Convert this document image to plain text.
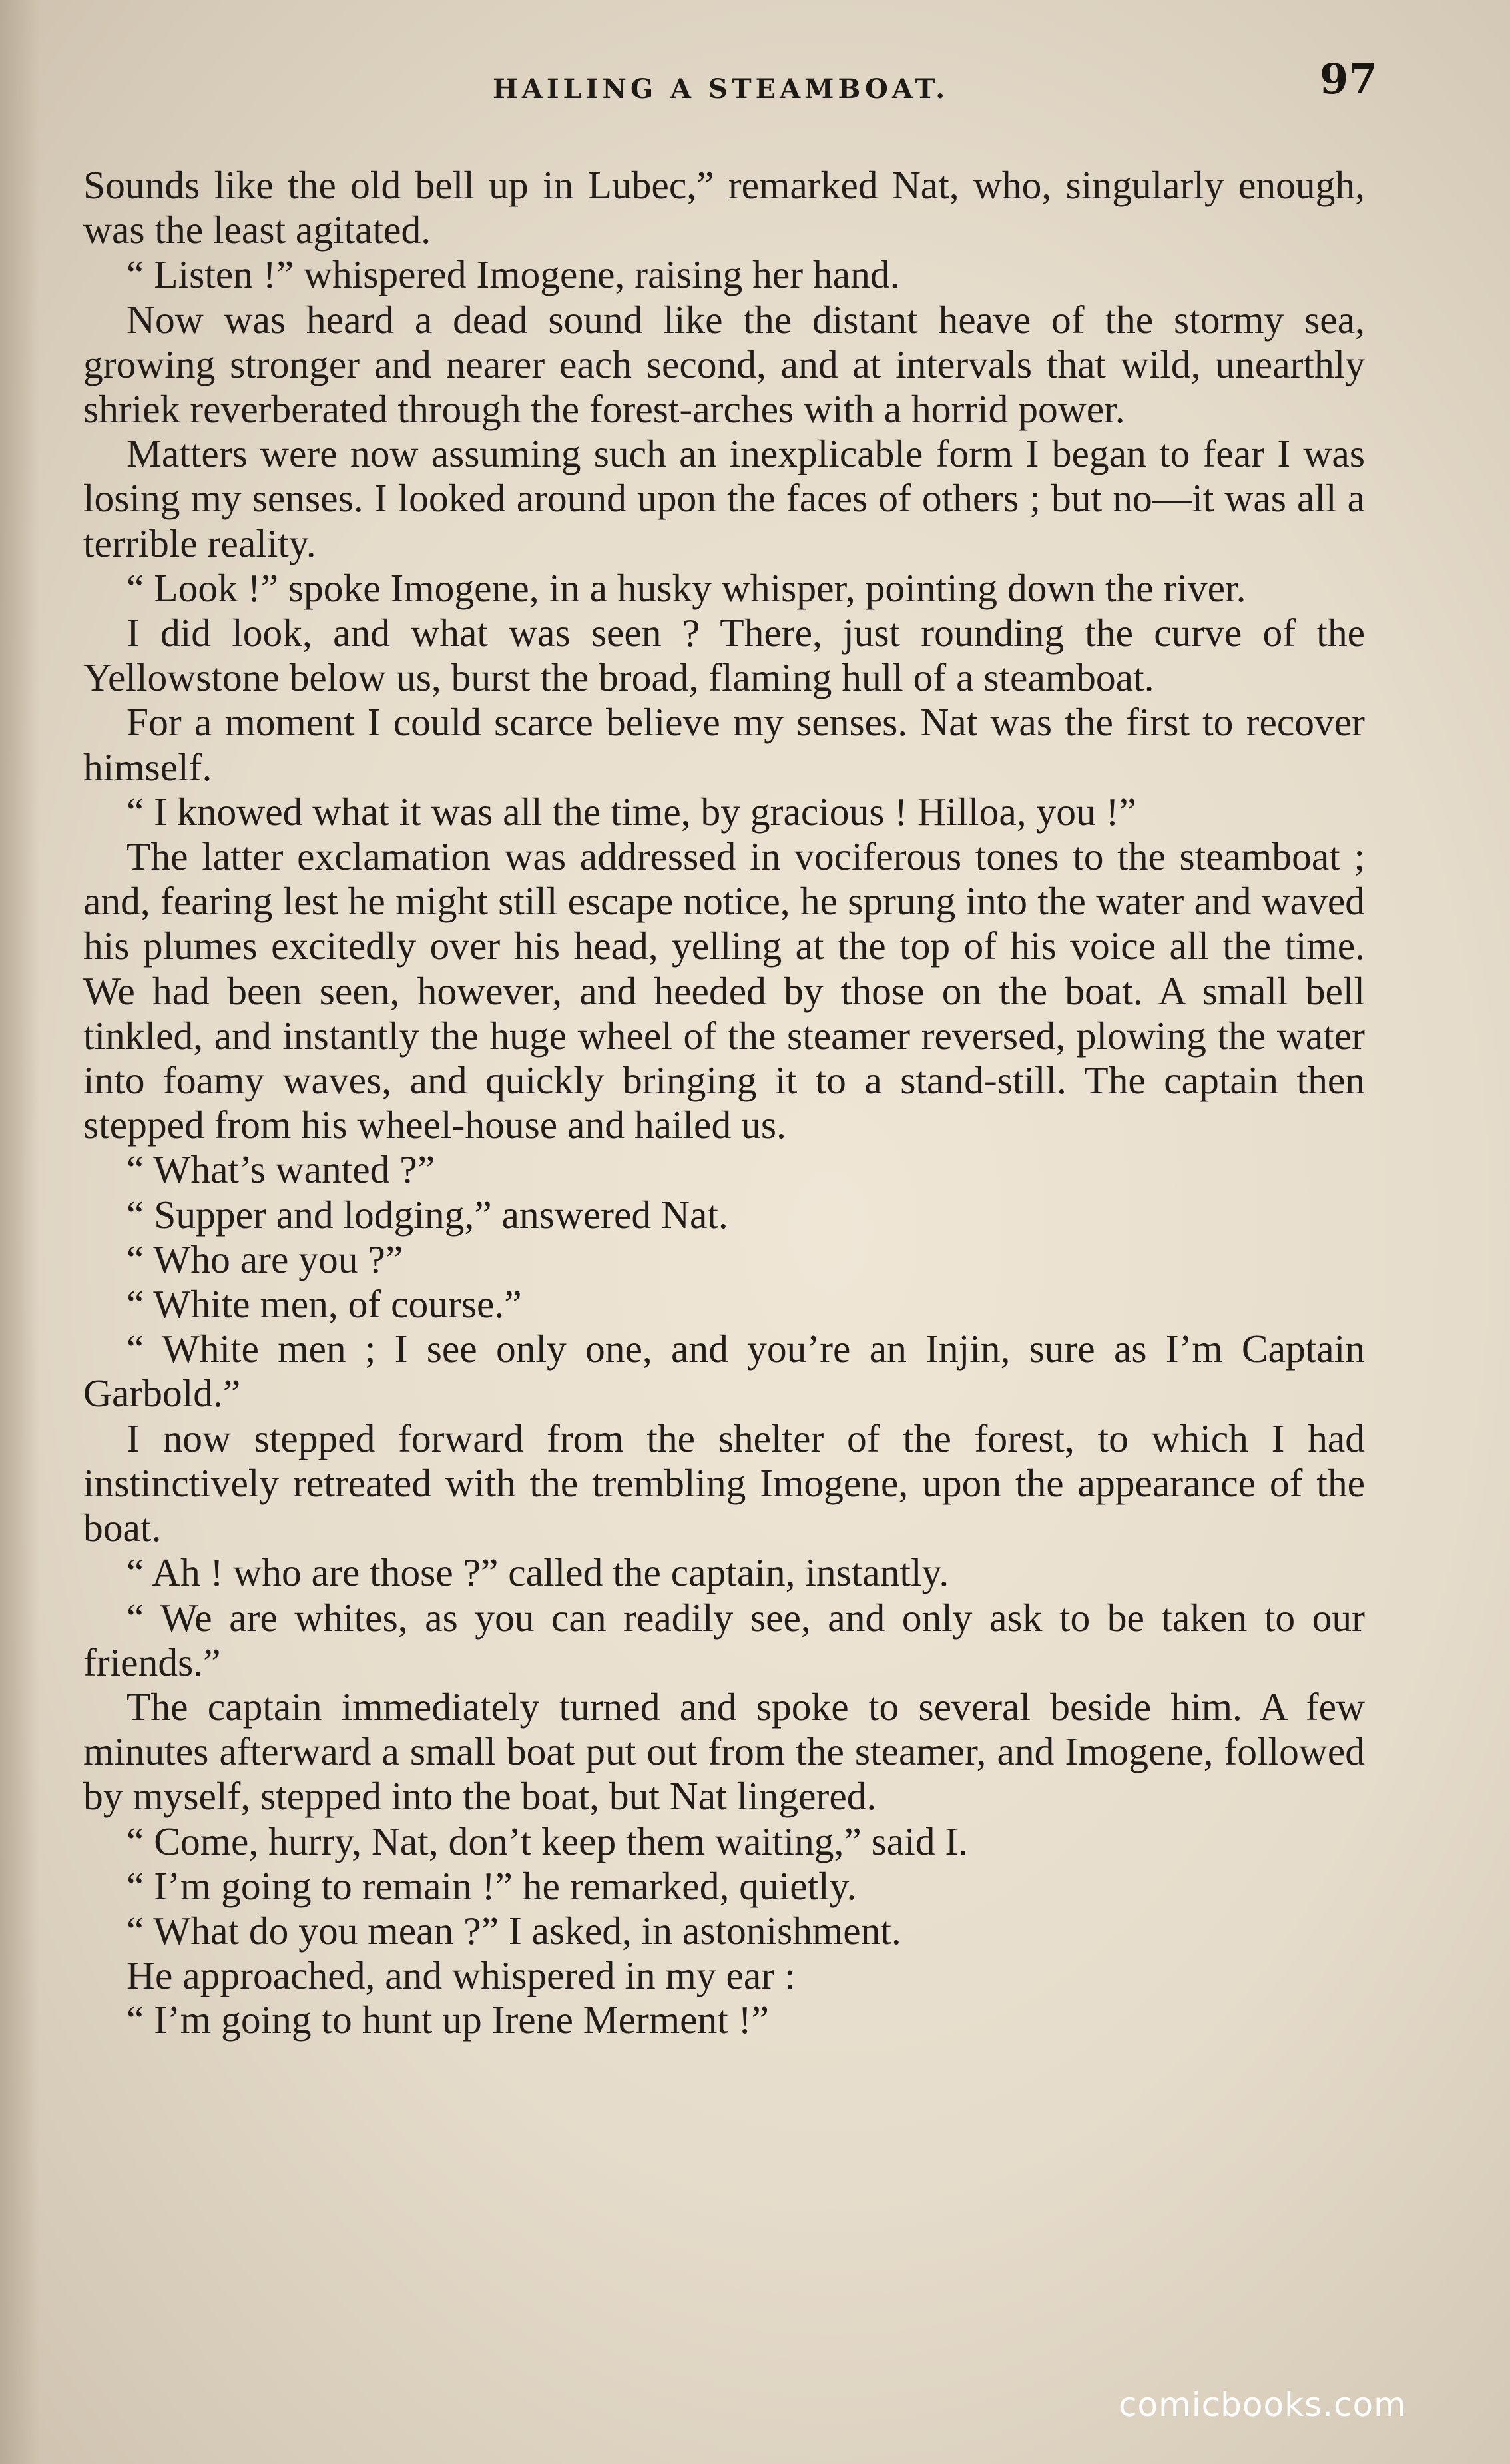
HAILING A STEAMBOAT.	97

Sounds like the old bell up in Lubec,” remarked Nat, who, singularly enough, was the least agitated.

“ Listen !” whispered Imogene, raising her hand.

Now was heard a dead sound like the distant heave of the stormy sea, growing stronger and nearer each second, and at intervals that wild, unearthly shriek reverberated through the forest-arches with a horrid power.

Matters were now assuming such an inexplicable form I began to fear I was losing my senses. I looked around upon the faces of others ; but no—it was all a terrible reality.

“ Look !” spoke Imogene, in a husky whisper, pointing down the river.

I did look, and what was seen ? There, just rounding the curve of the Yellowstone below us, burst the broad, flaming hull of a steamboat.

For a moment I could scarce believe my senses. Nat was the first to recover himself.

“ I knowed what it was all the time, by gracious ! Hilloa, you !”

The latter exclamation was addressed in vociferous tones to the steamboat ; and, fearing lest he might still escape notice, he sprung into the water and waved his plumes excitedly over his head, yelling at the top of his voice all the time. We had been seen, however, and heeded by those on the boat. A small bell tinkled, and instantly the huge wheel of the steamer reversed, plowing the water into foamy waves, and quickly bringing it to a stand-still. The captain then stepped from his wheel-house and hailed us.

“ What’s wanted ?”

“ Supper and lodging,” answered Nat.

“ Who are you ?”

“ White men, of course.”

“ White men ; I see only one, and you’re an Injin, sure as I’m Captain Garbold.”

I now stepped forward from the shelter of the forest, to which I had instinctively retreated with the trembling Imogene, upon the appearance of the boat.

“ Ah ! who are those ?” called the captain, instantly.

“ We are whites, as you can readily see, and only ask to be taken to our friends.”

The captain immediately turned and spoke to several beside him. A few minutes afterward a small boat put out from the steamer, and Imogene, followed by myself, stepped into the boat, but Nat lingered.

“ Come, hurry, Nat, don’t keep them waiting,” said I.

“ I’m going to remain !” he remarked, quietly.

“ What do you mean ?” I asked, in astonishment.

He approached, and whispered in my ear :

“ I’m going to hunt up Irene Merment !”

comicbooks.com
